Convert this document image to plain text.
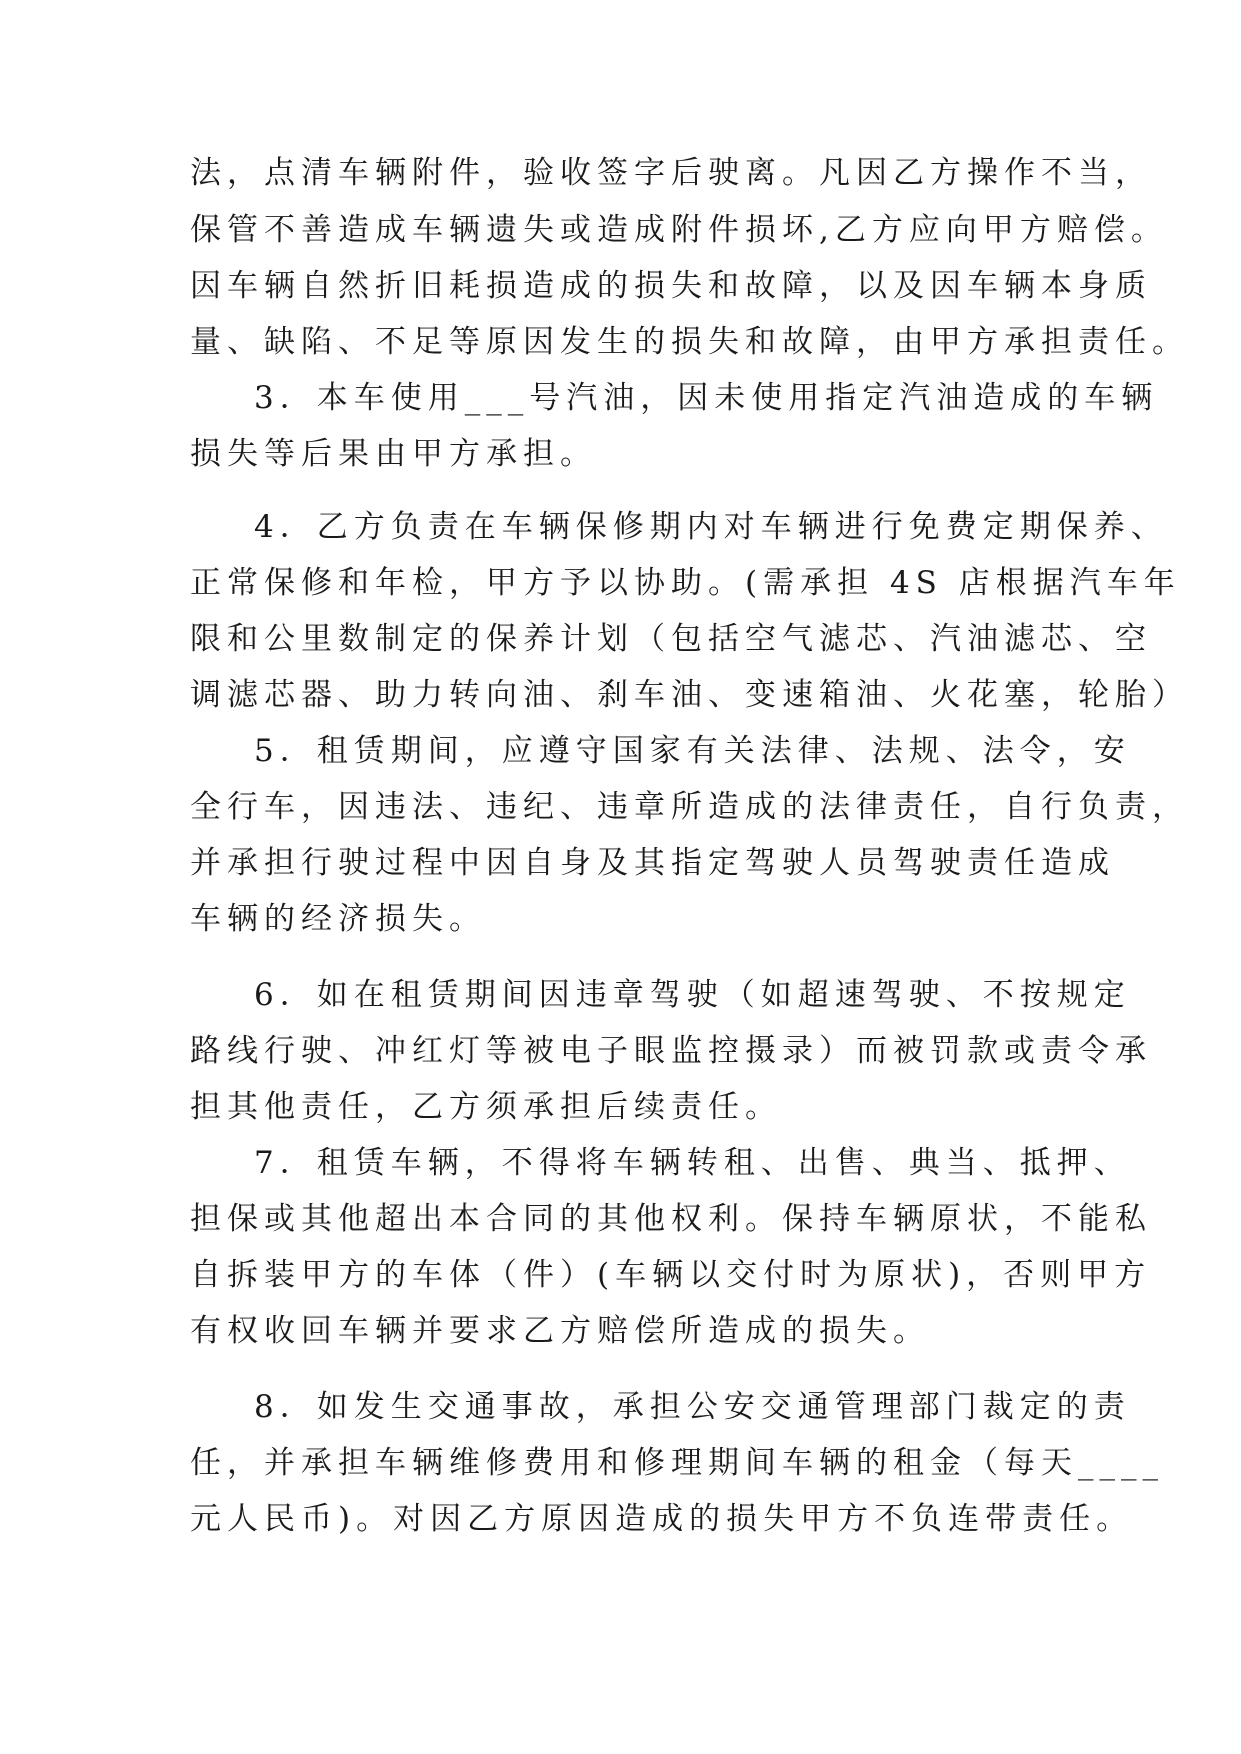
法，点清车辆附件，验收签字后驶离。凡因乙方操作不当，

保管不善造成车辆遗失或造成附件损坏,乙方应向甲方赔偿。

因车辆自然折旧耗损造成的损失和故障，以及因车辆本身质

量、缺陷、不足等原因发生的损失和故障，由甲方承担责任。

3．本车使用___号汽油，因未使用指定汽油造成的车辆

损失等后果由甲方承担。

4．乙方负责在车辆保修期内对车辆进行免费定期保养、

正常保修和年检，甲方予以协助。(需承担 4S 店根据汽车年

限和公里数制定的保养计划（包括空气滤芯、汽油滤芯、空

调滤芯器、助力转向油、刹车油、变速箱油、火花塞，轮胎）

5．租赁期间，应遵守国家有关法律、法规、法令，安

全行车，因违法、违纪、违章所造成的法律责任，自行负责，

并承担行驶过程中因自身及其指定驾驶人员驾驶责任造成

车辆的经济损失。

6．如在租赁期间因违章驾驶（如超速驾驶、不按规定

路线行驶、冲红灯等被电子眼监控摄录）而被罚款或责令承

担其他责任，乙方须承担后续责任。

7．租赁车辆，不得将车辆转租、出售、典当、抵押、

担保或其他超出本合同的其他权利。保持车辆原状，不能私

自拆装甲方的车体（件）(车辆以交付时为原状)，否则甲方

有权收回车辆并要求乙方赔偿所造成的损失。

8．如发生交通事故，承担公安交通管理部门裁定的责

任，并承担车辆维修费用和修理期间车辆的租金（每天____

元人民币)。对因乙方原因造成的损失甲方不负连带责任。
